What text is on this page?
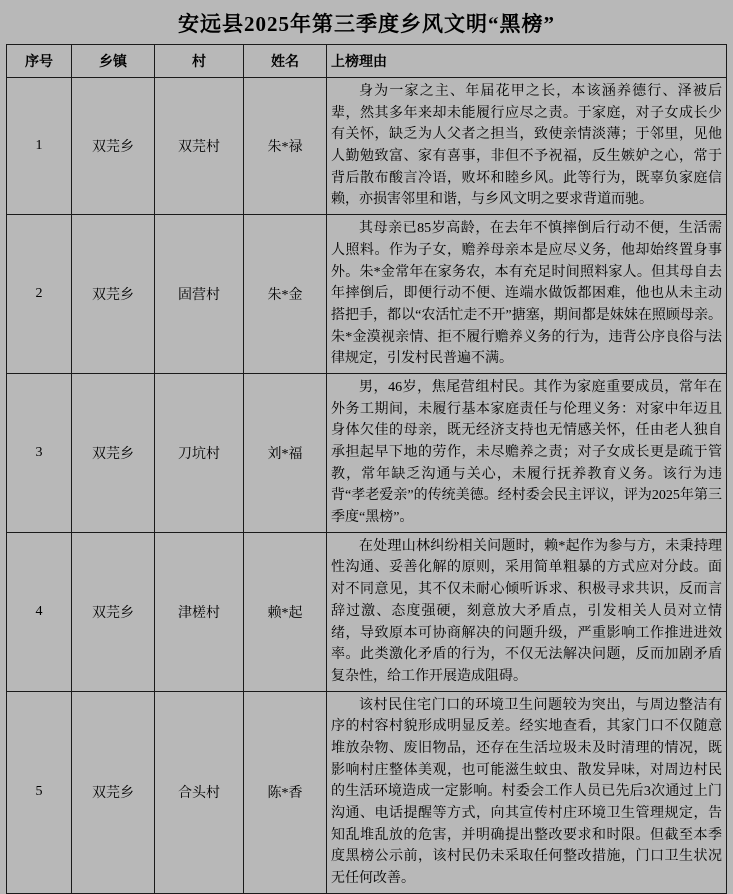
安远县2025年第三季度乡风文明“黑榜”
序号	乡镇	村	姓名	上榜理由
1	双芫乡	双芫村	朱*禄	身为一家之主、年届花甲之长，本该涵养德行、泽被后辈，然其多年来却未能履行应尽之责。于家庭，对子女成长少有关怀，缺乏为人父者之担当，致使亲情淡薄；于邻里，见他人勤勉致富、家有喜事，非但不予祝福，反生嫉妒之心，常于背后散布酸言冷语，败坏和睦乡风。此等行为，既辜负家庭信赖，亦损害邻里和谐，与乡风文明之要求背道而驰。

2	双芫乡	固营村	朱*金	其母亲已85岁高龄，在去年不慎摔倒后行动不便，生活需人照料。作为子女，赡养母亲本是应尽义务，他却始终置身事外。朱*金常年在家务农，本有充足时间照料家人。但其母自去年摔倒后，即便行动不便、连端水做饭都困难，他也从未主动搭把手，都以“农活忙走不开”搪塞，期间都是妹妹在照顾母亲。朱*金漠视亲情、拒不履行赡养义务的行为，违背公序良俗与法律规定，引发村民普遍不满。

3	双芫乡	刀坑村	刘*福	男，46岁，焦尾营组村民。其作为家庭重要成员，常年在外务工期间，未履行基本家庭责任与伦理义务：对家中年迈且身体欠佳的母亲，既无经济支持也无情感关怀，任由老人独自承担起早下地的劳作，未尽赡养之责；对子女成长更是疏于管教，常年缺乏沟通与关心，未履行抚养教育义务。该行为违背“孝老爱亲”的传统美德。经村委会民主评议，评为2025年第三季度“黑榜”。

4	双芫乡	津槎村	赖*起	在处理山林纠纷相关问题时，赖*起作为参与方，未秉持理性沟通、妥善化解的原则，采用简单粗暴的方式应对分歧。面对不同意见，其不仅未耐心倾听诉求、积极寻求共识，反而言辞过激、态度强硬，刻意放大矛盾点，引发相关人员对立情绪，导致原本可协商解决的问题升级，严重影响工作推进进效率。此类激化矛盾的行为，不仅无法解决问题，反而加剧矛盾复杂性，给工作开展造成阻碍。

5	双芫乡	合头村	陈*香	该村民住宅门口的环境卫生问题较为突出，与周边整洁有序的村容村貌形成明显反差。经实地查看，其家门口不仅随意堆放杂物、废旧物品，还存在生活垃圾未及时清理的情况，既影响村庄整体美观，也可能滋生蚊虫、散发异味，对周边村民的生活环境造成一定影响。村委会工作人员已先后3次通过上门沟通、电话提醒等方式，向其宣传村庄环境卫生管理规定，告知乱堆乱放的危害，并明确提出整改要求和时限。但截至本季度黑榜公示前，该村民仍未采取任何整改措施，门口卫生状况无任何改善。
